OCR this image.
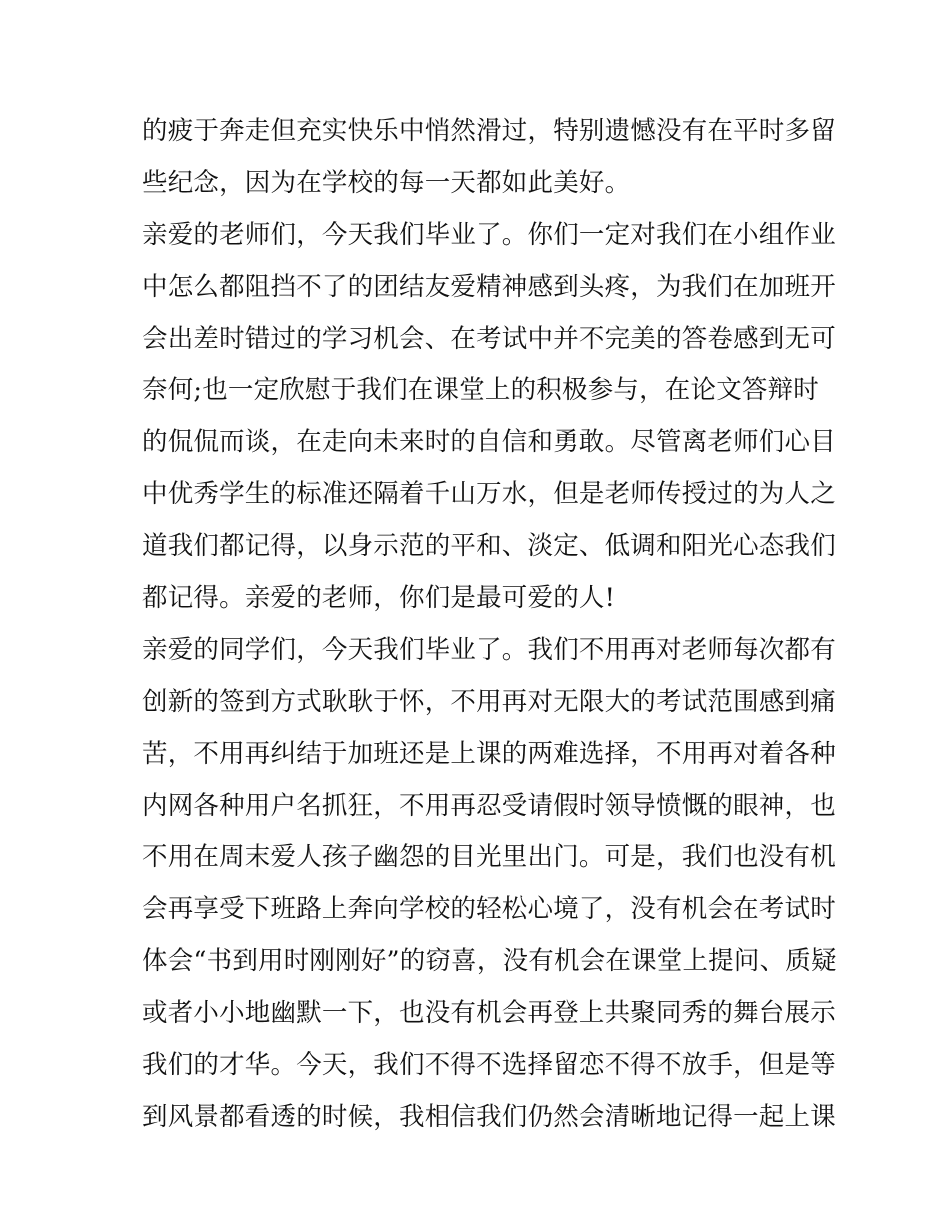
的疲于奔走但充实快乐中悄然滑过，特别遗憾没有在平时多留
些纪念，因为在学校的每一天都如此美好。
亲爱的老师们，今天我们毕业了。你们一定对我们在小组作业
中怎么都阻挡不了的团结友爱精神感到头疼，为我们在加班开
会出差时错过的学习机会、在考试中并不完美的答卷感到无可
奈何;也一定欣慰于我们在课堂上的积极参与，在论文答辩时
的侃侃而谈，在走向未来时的自信和勇敢。尽管离老师们心目
中优秀学生的标准还隔着千山万水，但是老师传授过的为人之
道我们都记得，以身示范的平和、淡定、低调和阳光心态我们
都记得。亲爱的老师，你们是最可爱的人!
亲爱的同学们，今天我们毕业了。我们不用再对老师每次都有
创新的签到方式耿耿于怀，不用再对无限大的考试范围感到痛
苦，不用再纠结于加班还是上课的两难选择，不用再对着各种
内网各种用户名抓狂，不用再忍受请假时领导愤慨的眼神，也
不用在周末爱人孩子幽怨的目光里出门。可是，我们也没有机
会再享受下班路上奔向学校的轻松心境了，没有机会在考试时
体会“书到用时刚刚好”的窃喜，没有机会在课堂上提问、质疑
或者小小地幽默一下，也没有机会再登上共聚同秀的舞台展示
我们的才华。今天，我们不得不选择留恋不得不放手，但是等
到风景都看透的时候，我相信我们仍然会清晰地记得一起上课
